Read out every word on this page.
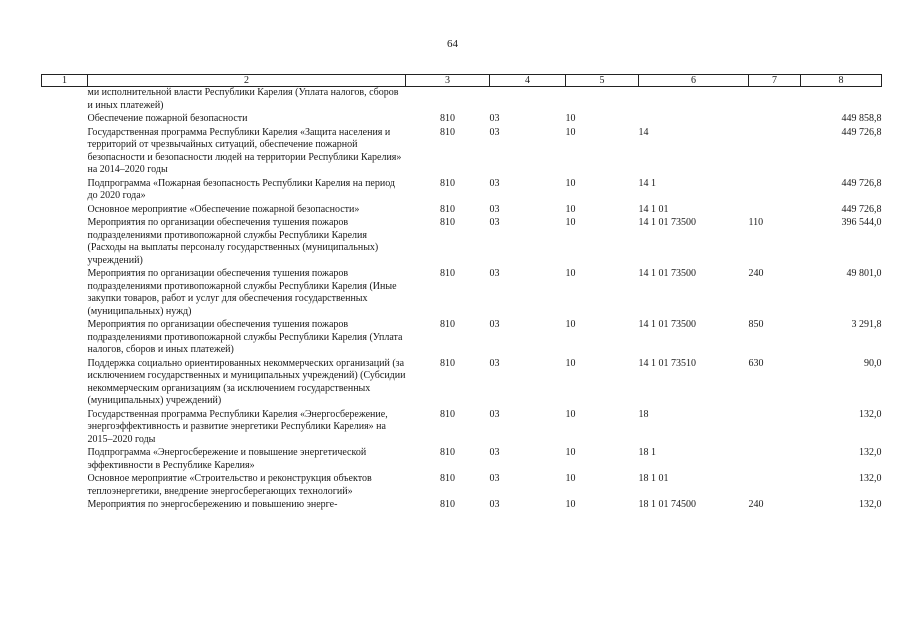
64
1	2	3	4	5	6	7	8
	ми исполнительной власти Республики Карелия (Уплата налогов, сборов и иных платежей)						
	Обеспечение пожарной безопасности	810	03	10			449 858,8
	Государственная программа Республики Карелия «Защита населения и территорий от чрезвычайных ситуаций, обеспечение пожарной безопасности и безопасности людей на территории Республики Карелия» на 2014–2020 годы	810	03	10	14		449 726,8
	Подпрограмма «Пожарная безопасность Республики Карелия на период до 2020 года»	810	03	10	14 1		449 726,8
	Основное мероприятие «Обеспечение пожарной безопасности»	810	03	10	14 1 01		449 726,8
	Мероприятия по организации обеспечения тушения пожаров подразделениями противопожарной службы Республики Карелия (Расходы на выплаты персоналу государственных (муниципальных) учреждений)	810	03	10	14 1 01 73500	110	396 544,0
	Мероприятия по организации обеспечения тушения пожаров подразделениями противопожарной службы Республики Карелия (Иные закупки товаров, работ и услуг для обеспечения государственных (муниципальных) нужд)	810	03	10	14 1 01 73500	240	49 801,0
	Мероприятия по организации обеспечения тушения пожаров подразделениями противопожарной службы Республики Карелия (Уплата налогов, сборов и иных платежей)	810	03	10	14 1 01 73500	850	3 291,8
	Поддержка социально ориентированных некоммерческих организаций (за исключением государственных и муниципальных учреждений) (Субсидии некоммерческим организациям (за исключением государственных (муниципальных) учреждений)	810	03	10	14 1 01 73510	630	90,0
	Государственная программа Республики Карелия «Энергосбережение, энергоэффективность и развитие энергетики Республики Карелия» на 2015–2020 годы	810	03	10	18		132,0
	Подпрограмма «Энергосбережение и повышение энергетической эффективности в Республике Карелия»	810	03	10	18 1		132,0
	Основное мероприятие «Строительство и реконструкция объектов теплоэнергетики, внедрение энергосберегающих технологий»	810	03	10	18 1 01		132,0
	Мероприятия по энергосбережению и повышению энерге-	810	03	10	18 1 01 74500	240	132,0
